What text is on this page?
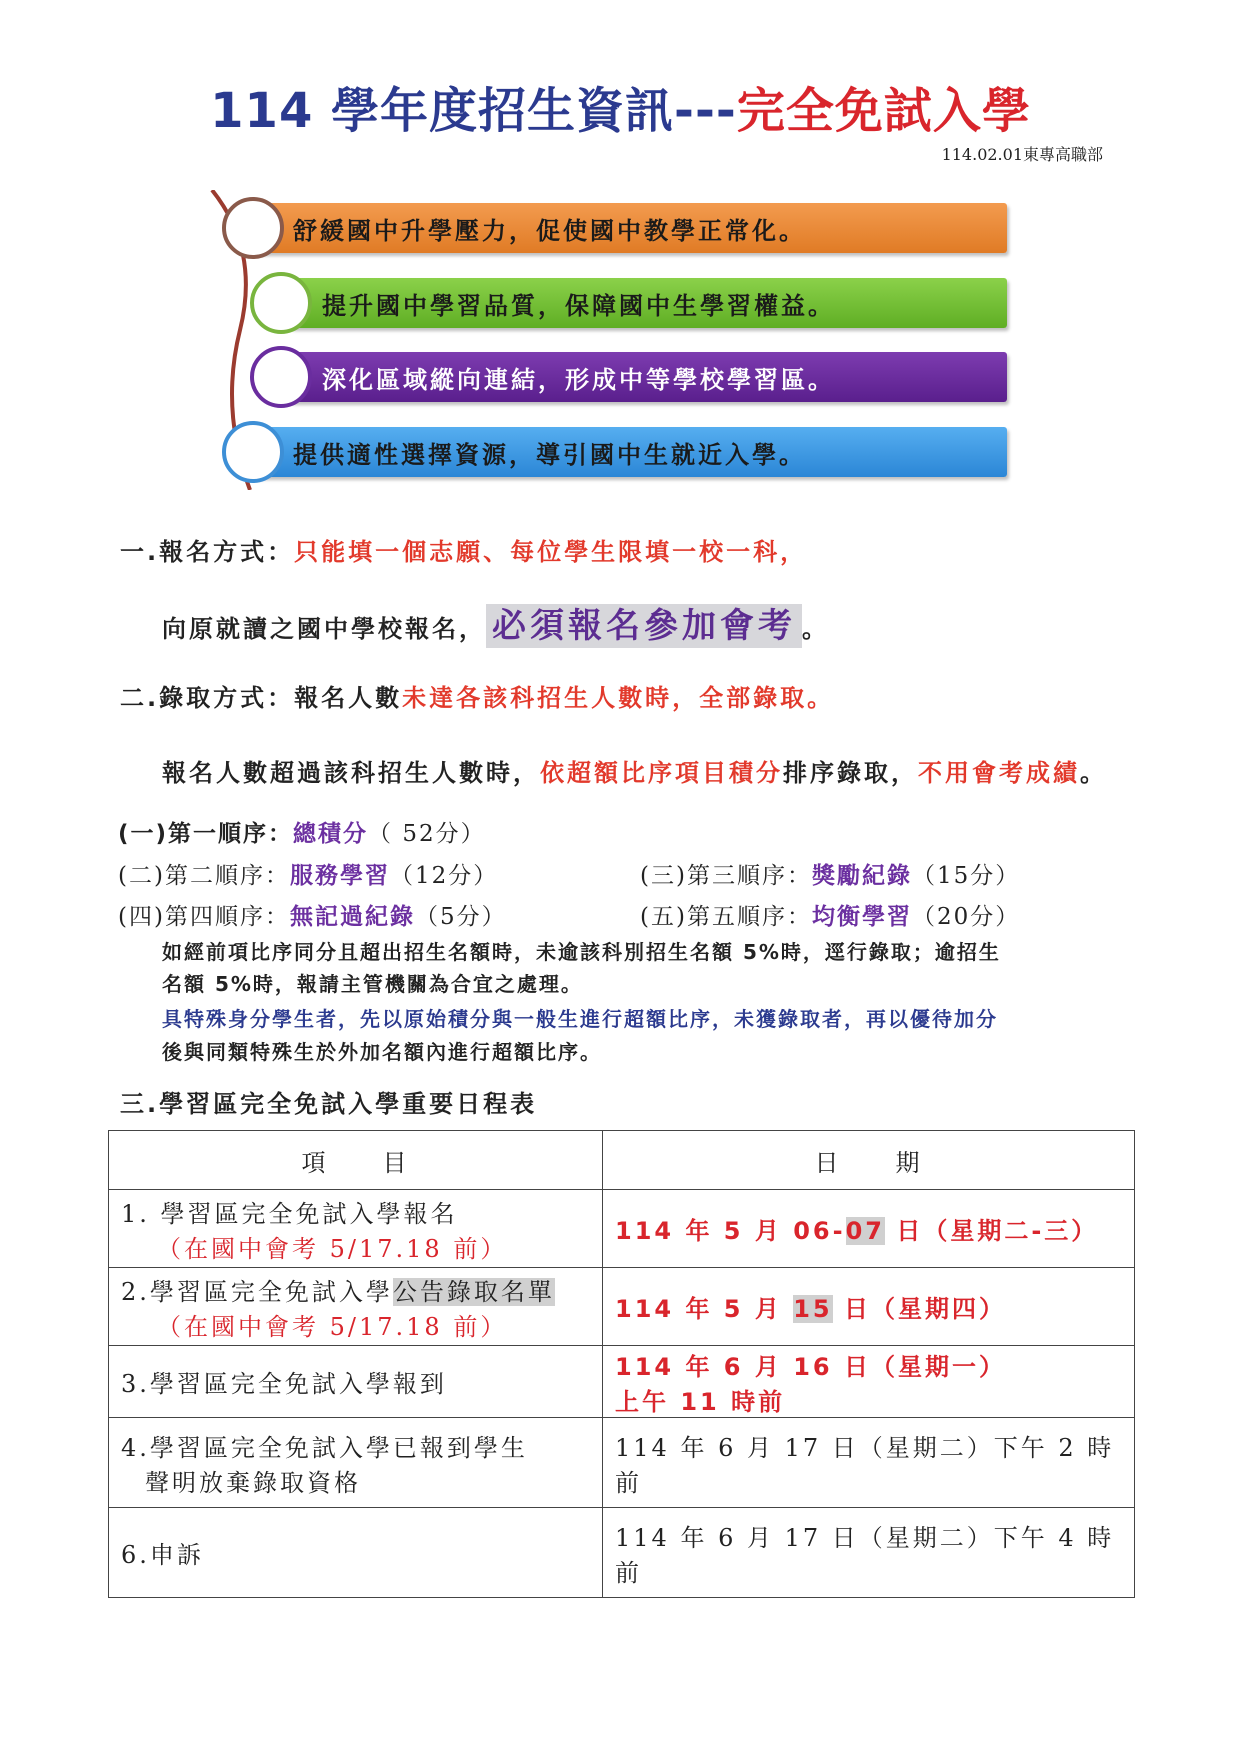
114 學年度招生資訊---完全免試入學
114.02.01東專高職部
舒緩國中升學壓力，促使國中教學正常化。
提升國中學習品質，保障國中生學習權益。
深化區域縱向連結，形成中等學校學習區。
提供適性選擇資源，導引國中生就近入學。
一.報名方式：只能填一個志願、每位學生限填一校一科，
向原就讀之國中學校報名， 必須報名參加會考 。
二.錄取方式：報名人數未達各該科招生人數時，全部錄取。
報名人數超過該科招生人數時，依超額比序項目積分排序錄取，不用會考成績。
(一)第一順序：總積分（ 52分）
(二)第二順序：服務學習（12分）	(三)第三順序：獎勵紀錄（15分）
(四)第四順序：無記過紀錄（5分）	(五)第五順序：均衡學習（20分）
如經前項比序同分且超出招生名額時，未逾該科別招生名額 5%時，逕行錄取；逾招生
名額 5%時，報請主管機關為合宜之處理。
具特殊身分學生者，先以原始積分與一般生進行超額比序，未獲錄取者，再以優待加分
後與同類特殊生於外加名額內進行超額比序。
三.學習區完全免試入學重要日程表
項　　目	日　　期
1. 學習區完全免試入學報名
（在國中會考 5/17.18 前）	114 年 5 月 06-07 日（星期二-三）
2.學習區完全免試入學公告錄取名單
（在國中會考 5/17.18 前）	114 年 5 月 15 日（星期四）
3.學習區完全免試入學報到	114 年 6 月 16 日（星期一）
上午 11 時前

4.學習區完全免試入學已報到學生
聲明放棄錄取資格	114 年 6 月 17 日（星期二）下午 2 時前
6.申訴	114 年 6 月 17 日（星期二）下午 4 時前
